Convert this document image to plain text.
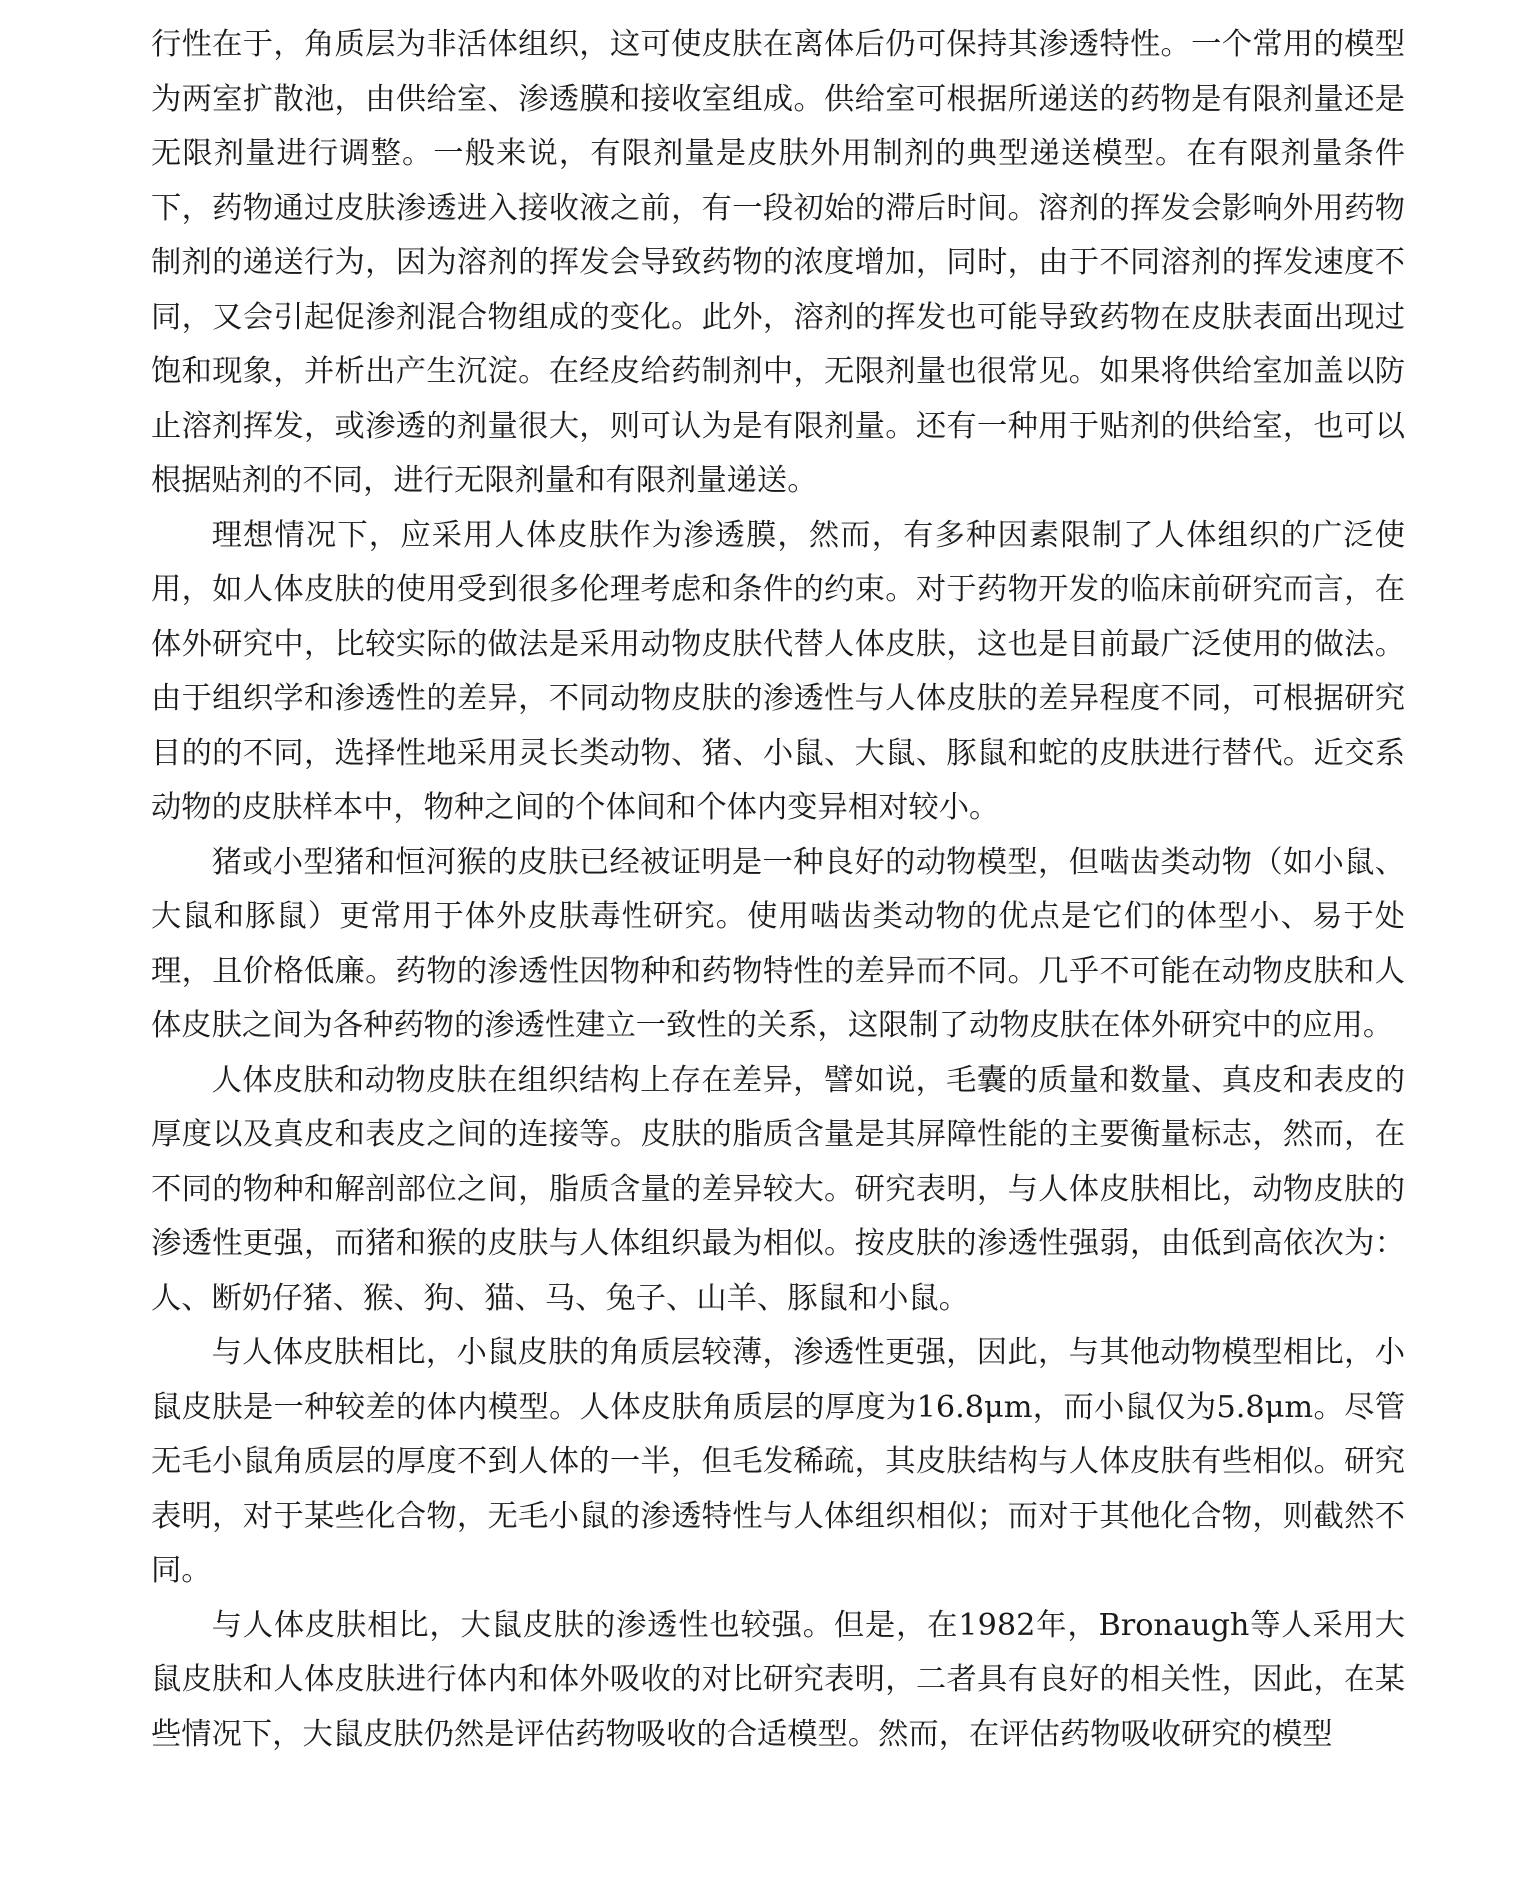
行性在于，角质层为非活体组织，这可使皮肤在离体后仍可保持其渗透特性。一个常用的模型为两室扩散池，由供给室、渗透膜和接收室组成。供给室可根据所递送的药物是有限剂量还是无限剂量进行调整。一般来说，有限剂量是皮肤外用制剂的典型递送模型。在有限剂量条件下，药物通过皮肤渗透进入接收液之前，有一段初始的滞后时间。溶剂的挥发会影响外用药物制剂的递送行为，因为溶剂的挥发会导致药物的浓度增加，同时，由于不同溶剂的挥发速度不同，又会引起促渗剂混合物组成的变化。此外，溶剂的挥发也可能导致药物在皮肤表面出现过饱和现象，并析出产生沉淀。在经皮给药制剂中，无限剂量也很常见。如果将供给室加盖以防止溶剂挥发，或渗透的剂量很大，则可认为是有限剂量。还有一种用于贴剂的供给室，也可以根据贴剂的不同，进行无限剂量和有限剂量递送。

理想情况下，应采用人体皮肤作为渗透膜，然而，有多种因素限制了人体组织的广泛使用，如人体皮肤的使用受到很多伦理考虑和条件的约束。对于药物开发的临床前研究而言，在体外研究中，比较实际的做法是采用动物皮肤代替人体皮肤，这也是目前最广泛使用的做法。由于组织学和渗透性的差异，不同动物皮肤的渗透性与人体皮肤的差异程度不同，可根据研究目的的不同，选择性地采用灵长类动物、猪、小鼠、大鼠、豚鼠和蛇的皮肤进行替代。近交系动物的皮肤样本中，物种之间的个体间和个体内变异相对较小。

猪或小型猪和恒河猴的皮肤已经被证明是一种良好的动物模型，但啮齿类动物（如小鼠、大鼠和豚鼠）更常用于体外皮肤毒性研究。使用啮齿类动物的优点是它们的体型小、易于处理，且价格低廉。药物的渗透性因物种和药物特性的差异而不同。几乎不可能在动物皮肤和人体皮肤之间为各种药物的渗透性建立一致性的关系，这限制了动物皮肤在体外研究中的应用。

人体皮肤和动物皮肤在组织结构上存在差异，譬如说，毛囊的质量和数量、真皮和表皮的厚度以及真皮和表皮之间的连接等。皮肤的脂质含量是其屏障性能的主要衡量标志，然而，在不同的物种和解剖部位之间，脂质含量的差异较大。研究表明，与人体皮肤相比，动物皮肤的渗透性更强，而猪和猴的皮肤与人体组织最为相似。按皮肤的渗透性强弱，由低到高依次为：人、断奶仔猪、猴、狗、猫、马、兔子、山羊、豚鼠和小鼠。

与人体皮肤相比，小鼠皮肤的角质层较薄，渗透性更强，因此，与其他动物模型相比，小鼠皮肤是一种较差的体内模型。人体皮肤角质层的厚度为16.8μm，而小鼠仅为5.8μm。尽管无毛小鼠角质层的厚度不到人体的一半，但毛发稀疏，其皮肤结构与人体皮肤有些相似。研究表明，对于某些化合物，无毛小鼠的渗透特性与人体组织相似；而对于其他化合物，则截然不同。

与人体皮肤相比，大鼠皮肤的渗透性也较强。但是，在1982年，Bronaugh等人采用大鼠皮肤和人体皮肤进行体内和体外吸收的对比研究表明，二者具有良好的相关性，因此，在某些情况下，大鼠皮肤仍然是评估药物吸收的合适模型。然而，在评估药物吸收研究的模型
